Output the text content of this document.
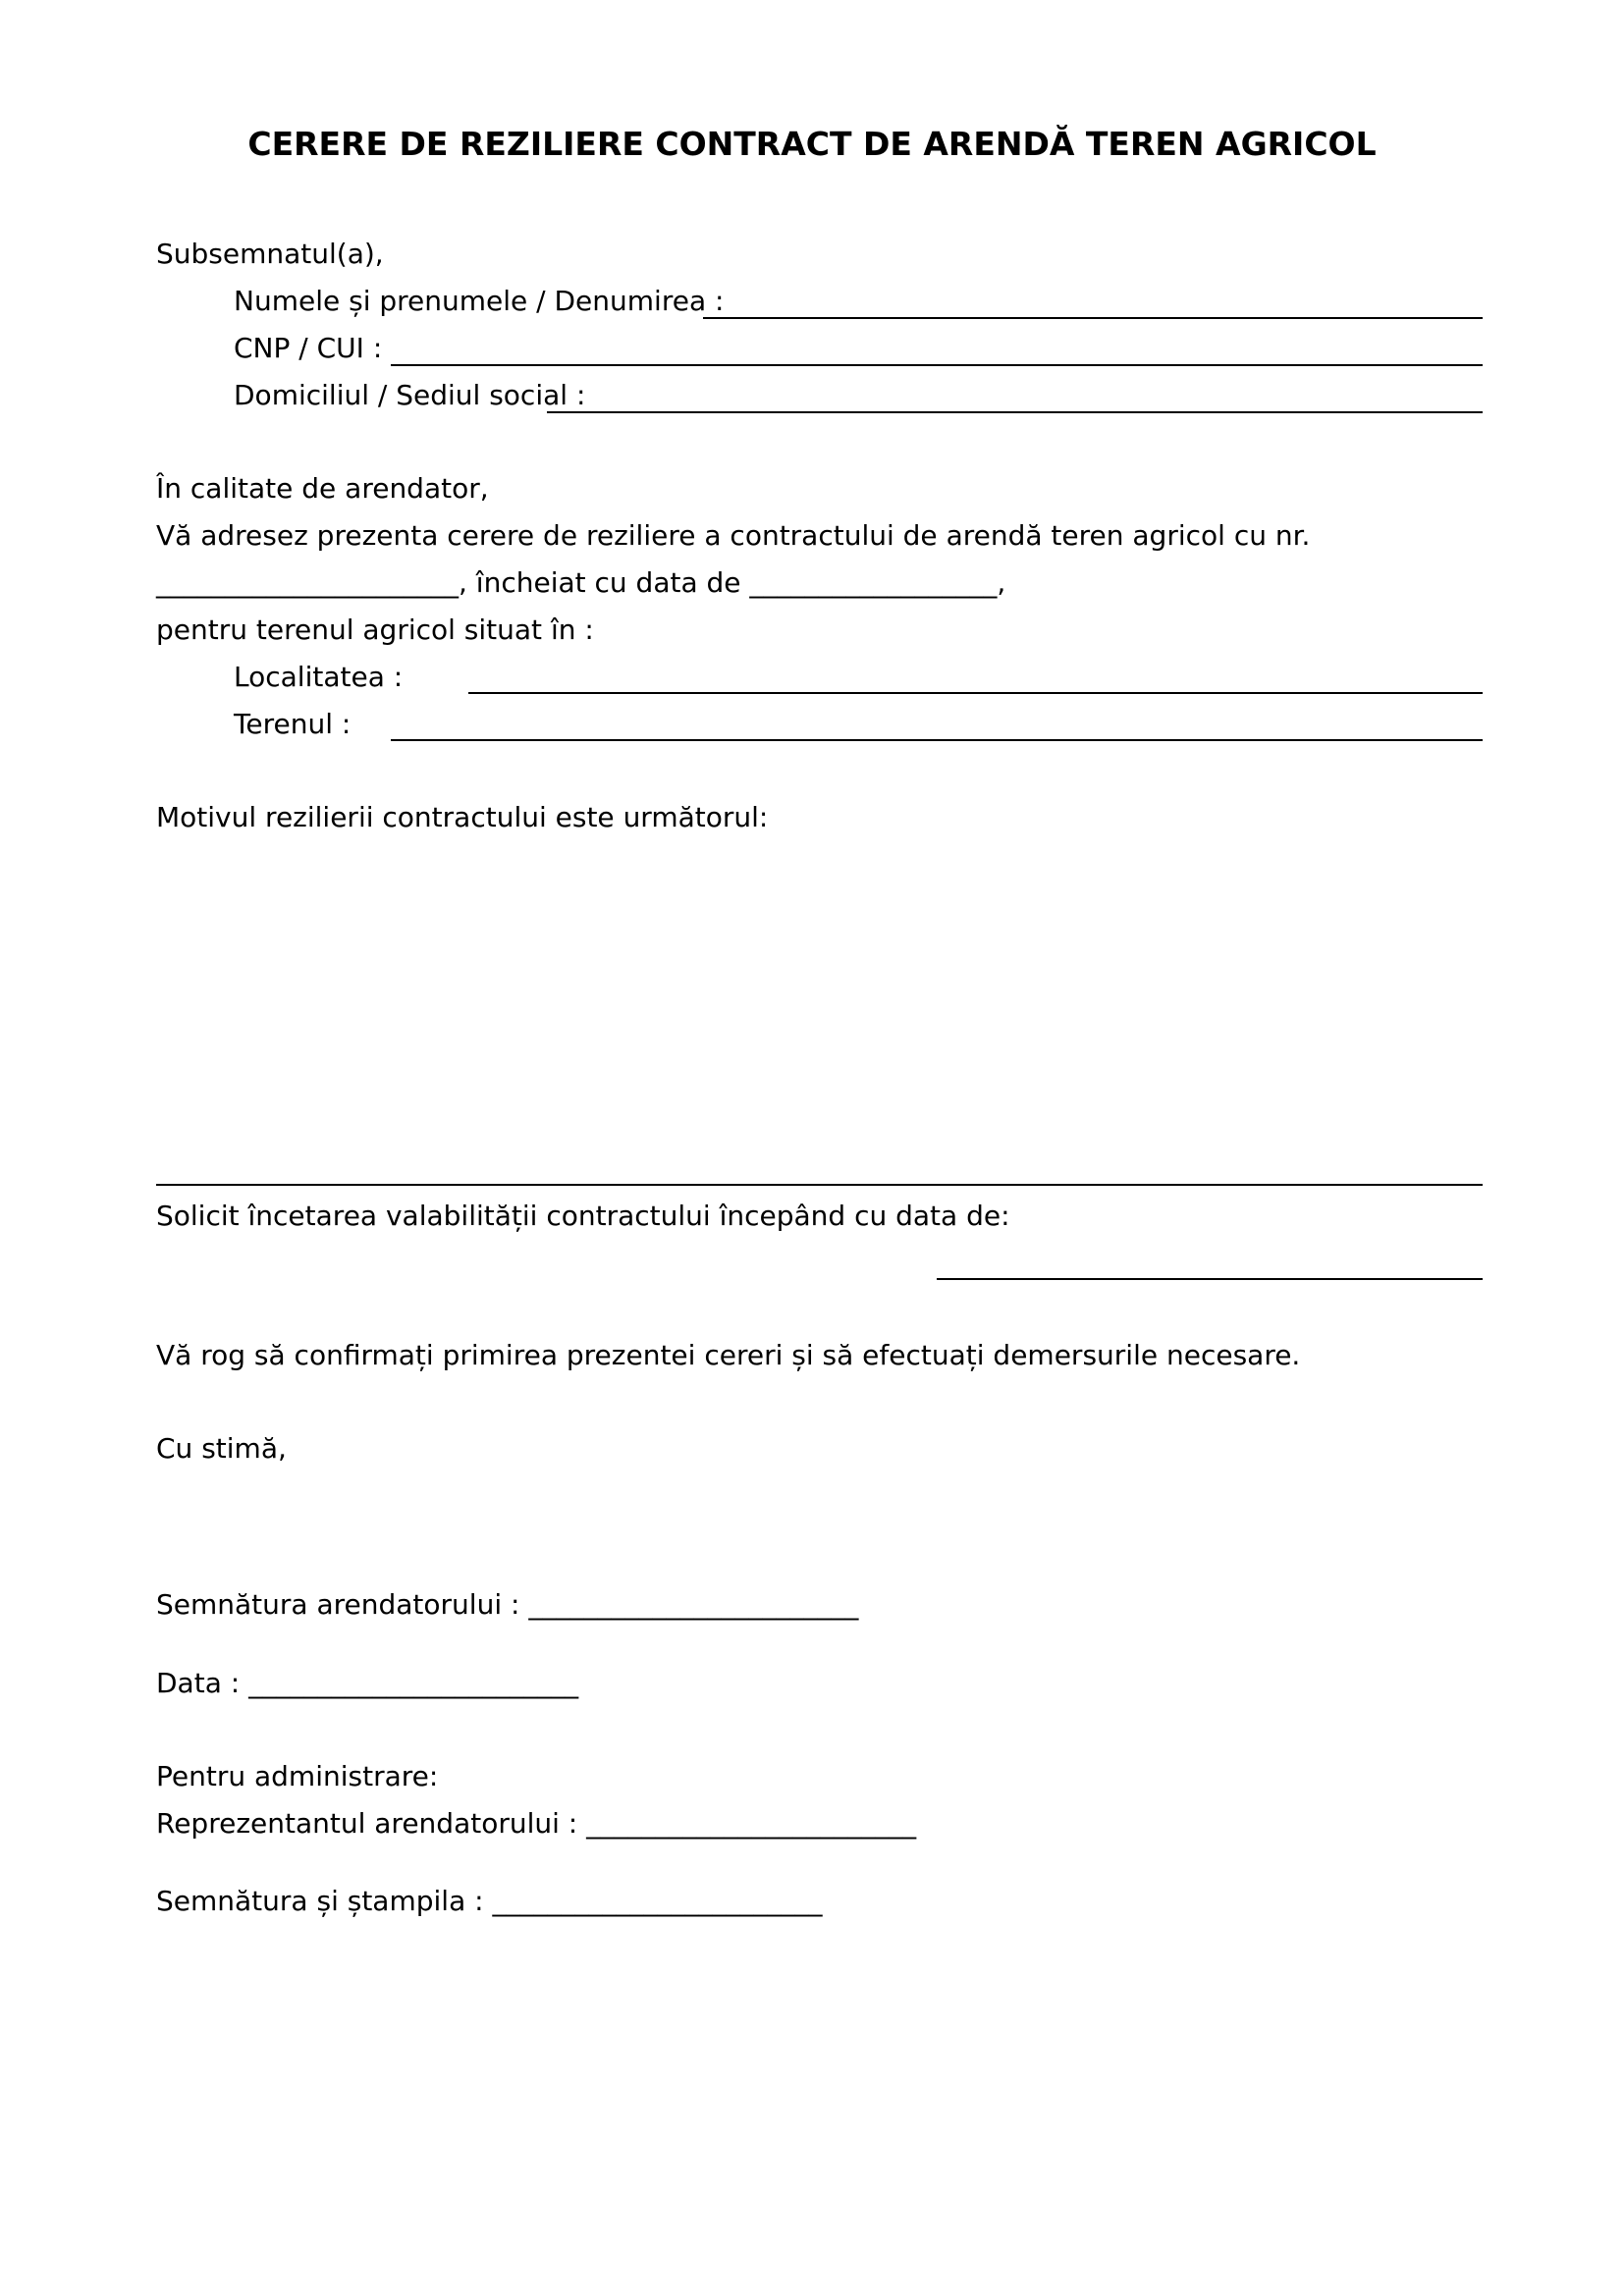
CERERE DE REZILIERE CONTRACT DE ARENDĂ TEREN AGRICOL
Subsemnatul(a),
Numele și prenumele / Denumirea :
CNP / CUI :
Domiciliul / Sediul social :
În calitate de arendator,
Vă adresez prezenta cerere de reziliere a contractului de arendă teren agricol cu nr.
______________________, încheiat cu data de __________________,
pentru terenul agricol situat în :
Localitatea :
Terenul :
Motivul rezilierii contractului este următorul:
Solicit încetarea valabilității contractului începând cu data de:
Vă rog să confirmați primirea prezentei cereri și să efectuați demersurile necesare.
Cu stimă,
Semnătura arendatorului : ________________________
Data : ________________________
Pentru administrare:
Reprezentantul arendatorului : ________________________
Semnătura și ștampila : ________________________
